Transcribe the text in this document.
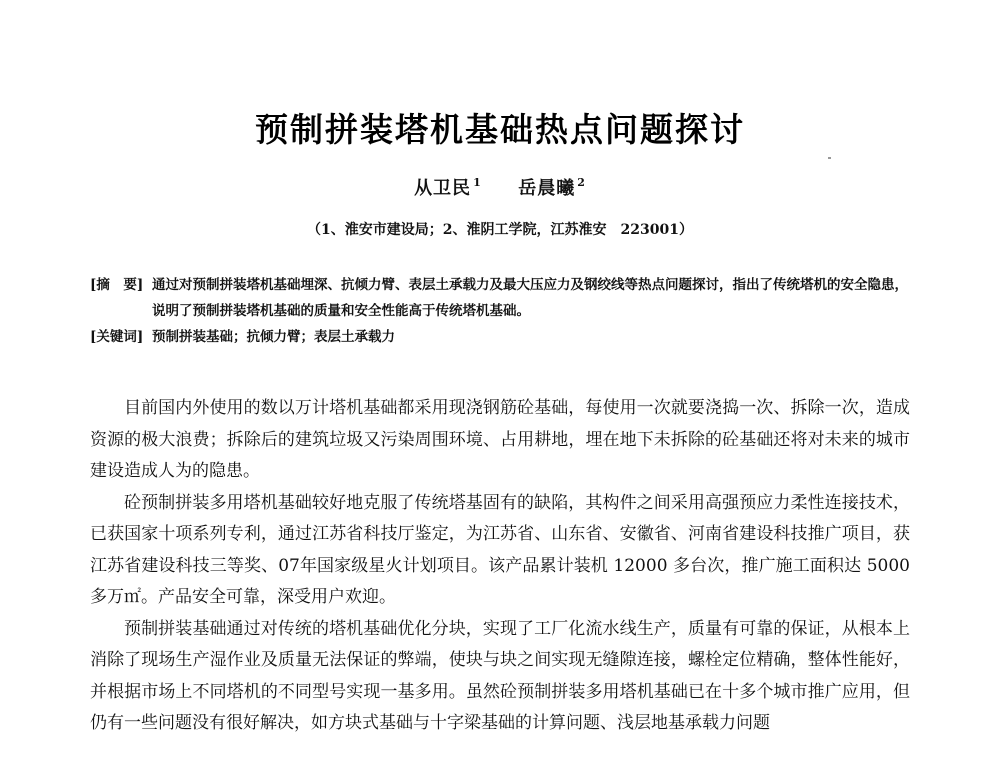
预制拼装塔机基础热点问题探讨
从卫民 $^1$ 岳晨曦 $^2$
（1、淮安市建设局；2、淮阴工学院，江苏淮安　223001）
[摘　要] 通过对预制拼装塔机基础埋深、抗倾力臂、表层土承载力及最大压应力及钢绞线等热点问题探讨，指出了传统塔机的安全隐患，说明了预制拼装塔机基础的质量和安全性能高于传统塔机基础。
[关键词] 预制拼装基础；抗倾力臂；表层土承载力

目前国内外使用的数以万计塔机基础都采用现浇钢筋砼基础，每使用一次就要浇捣一次、拆除一次，造成资源的极大浪费；拆除后的建筑垃圾又污染周围环境、占用耕地，埋在地下未拆除的砼基础还将对未来的城市建设造成人为的隐患。

砼预制拼装多用塔机基础较好地克服了传统塔基固有的缺陷，其构件之间采用高强预应力柔性连接技术，已获国家十项系列专利，通过江苏省科技厅鉴定，为江苏省、山东省、安徽省、河南省建设科技推广项目，获江苏省建设科技三等奖、07年国家级星火计划项目。该产品累计装机 12000 多台次，推广施工面积达 5000 多万㎡。产品安全可靠，深受用户欢迎。

预制拼装基础通过对传统的塔机基础优化分块，实现了工厂化流水线生产，质量有可靠的保证，从根本上消除了现场生产湿作业及质量无法保证的弊端，使块与块之间实现无缝隙连接，螺栓定位精确，整体性能好，并根据市场上不同塔机的不同型号实现一基多用。虽然砼预制拼装多用塔机基础已在十多个城市推广应用，但仍有一些问题没有很好解决，如方块式基础与十字梁基础的计算问题、浅层地基承载力问题
